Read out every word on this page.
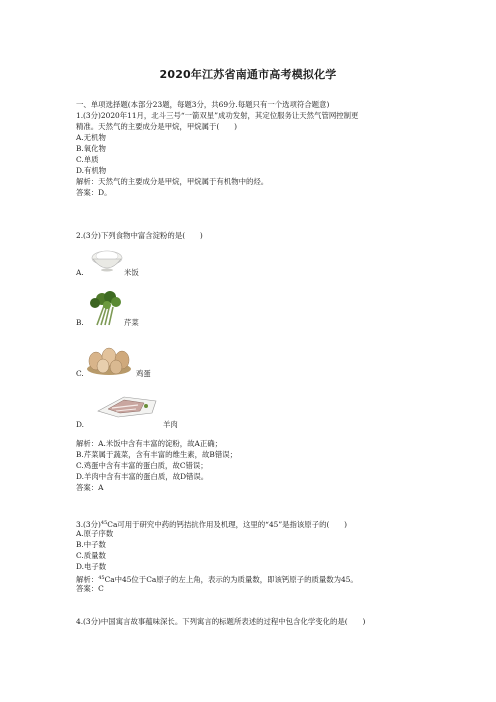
2020年江苏省南通市高考模拟化学
一、单项选择题(本部分23题，每题3分，共69分.每题只有一个选项符合题意)
1.(3分)2020年11月，北斗三号“一箭双星”成功发射，其定位服务让天然气管网控制更
精准。天然气的主要成分是甲烷，甲烷属于(　　)
A.无机物
B.氧化物
C.单质
D.有机物
解析：天然气的主要成分是甲烷，甲烷属于有机物中的烃。
答案：D。
2.(3分)下列食物中富含淀粉的是(　　)
A.	米饭
B.	芹菜
C.	鸡蛋
D.	羊肉
解析：A.米饭中含有丰富的淀粉，故A正确；
B.芹菜属于蔬菜，含有丰富的维生素，故B错误；
C.鸡蛋中含有丰富的蛋白质，故C错误；
D.羊肉中含有丰富的蛋白质，故D错误。
答案：A
3.(3分)$^{45}$Ca可用于研究中药的钙拮抗作用及机理，这里的“45”是指该原子的(　　)
A.原子序数
B.中子数
C.质量数
D.电子数
解析：$^{45}$Ca中45位于Ca原子的左上角，表示的为质量数，即该钙原子的质量数为45。
答案：C
4.(3分)中国寓言故事蕴味深长。下列寓言的标题所表述的过程中包含化学变化的是(　　)
